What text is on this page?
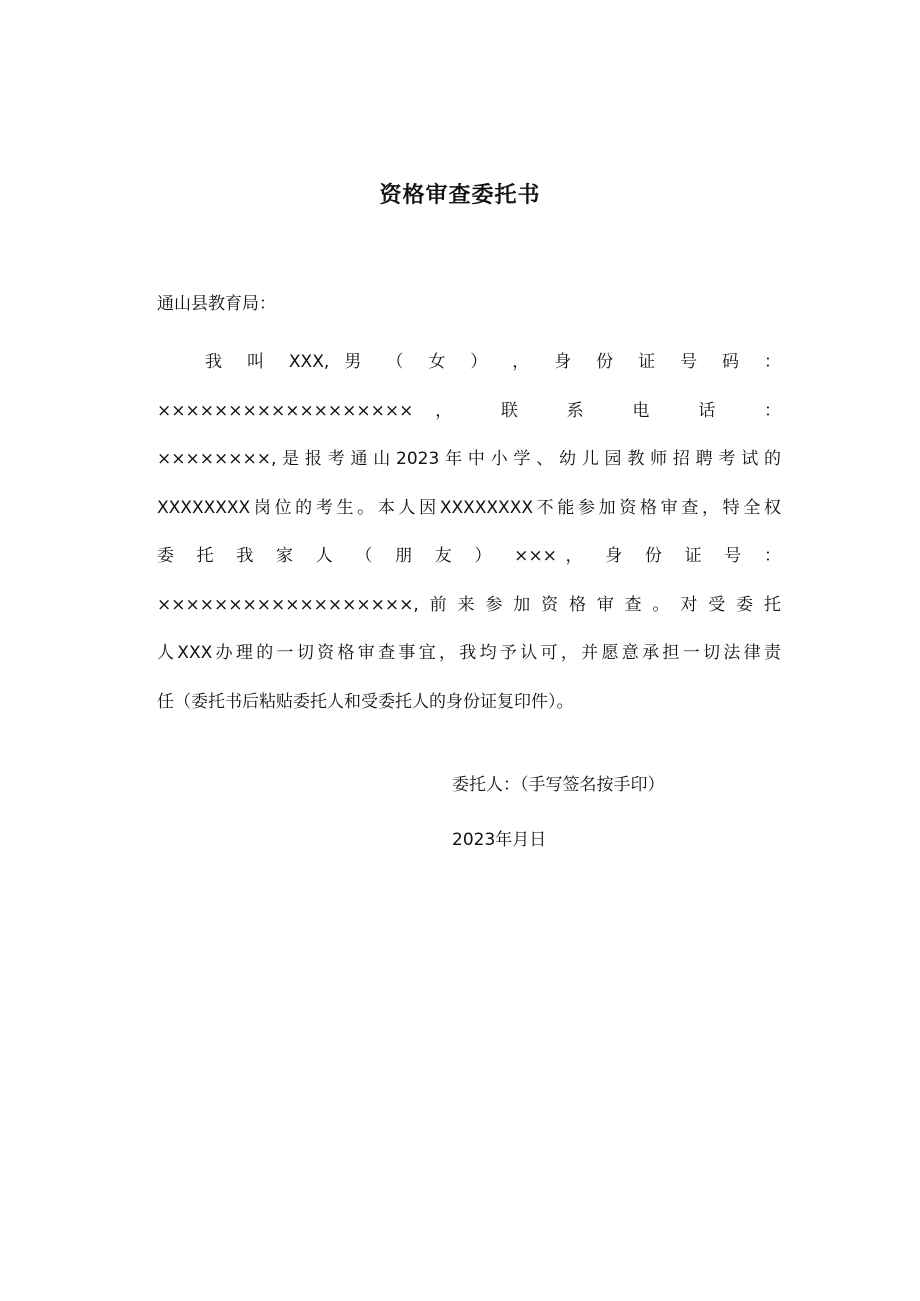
资格审查委托书
通山县教育局：
我 叫 XXX, 男 （ 女 ） ， 身 份 证 号 码 ：
××××××××××××××××××， 联 系 电 话 ：
××××××××,是报考通山2023年中小学、幼儿园教师招聘考试的
XXXXXXXX岗位的考生。本人因XXXXXXXX不能参加资格审查，特全权
委 托 我 家 人 （ 朋 友 ） ×××， 身 份 证 号 ：
××××××××××××××××××,前来参加资格审查。对受委托
人XXX办理的一切资格审查事宜，我均予认可，并愿意承担一切法律责
任（委托书后粘贴委托人和受委托人的身份证复印件）。
委托人：（手写签名按手印）
2023年月日
